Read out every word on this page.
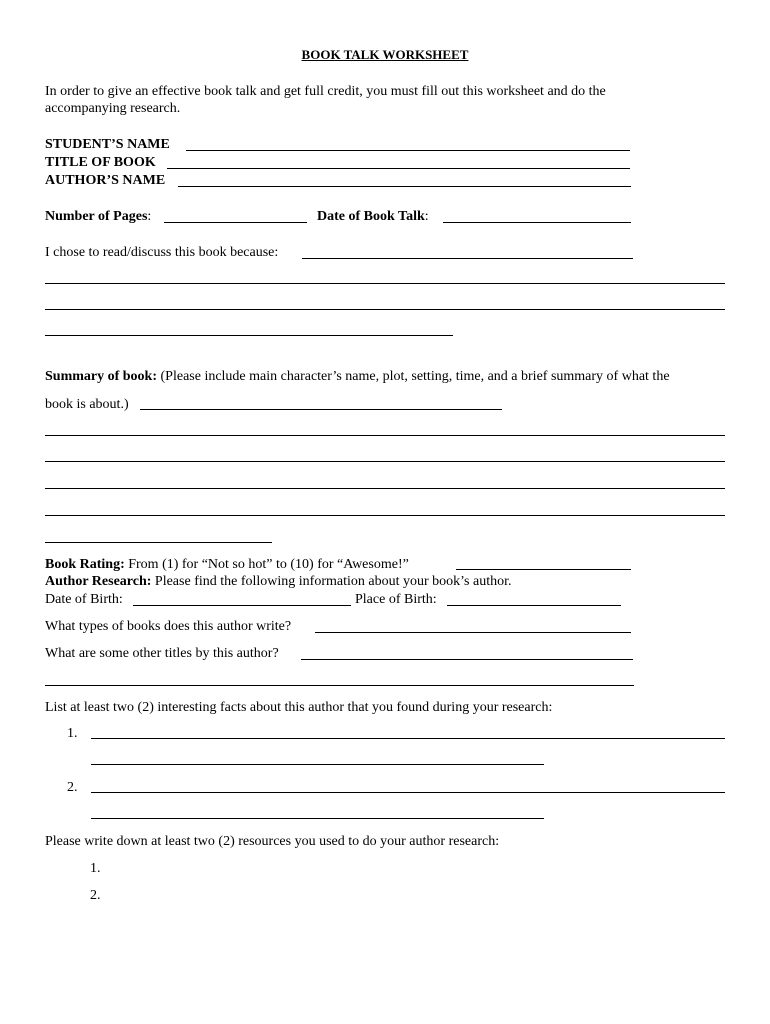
BOOK TALK WORKSHEET
In order to give an effective book talk and get full credit, you must fill out this worksheet and do the
accompanying research.
STUDENT’S NAME
TITLE OF BOOK
AUTHOR’S NAME
Number of Pages:	Date of Book Talk:
I chose to read/discuss this book because:
Summary of book: (Please include main character’s name, plot, setting, time, and a brief summary of what the
book is about.)
Book Rating: From (1) for “Not so hot” to (10) for “Awesome!”
Author Research: Please find the following information about your book’s author.
Date of Birth:	Place of Birth:
What types of books does this author write?
What are some other titles by this author?
List at least two (2) interesting facts about this author that you found during your research:
1.
2.
Please write down at least two (2) resources you used to do your author research:
1.
2.
